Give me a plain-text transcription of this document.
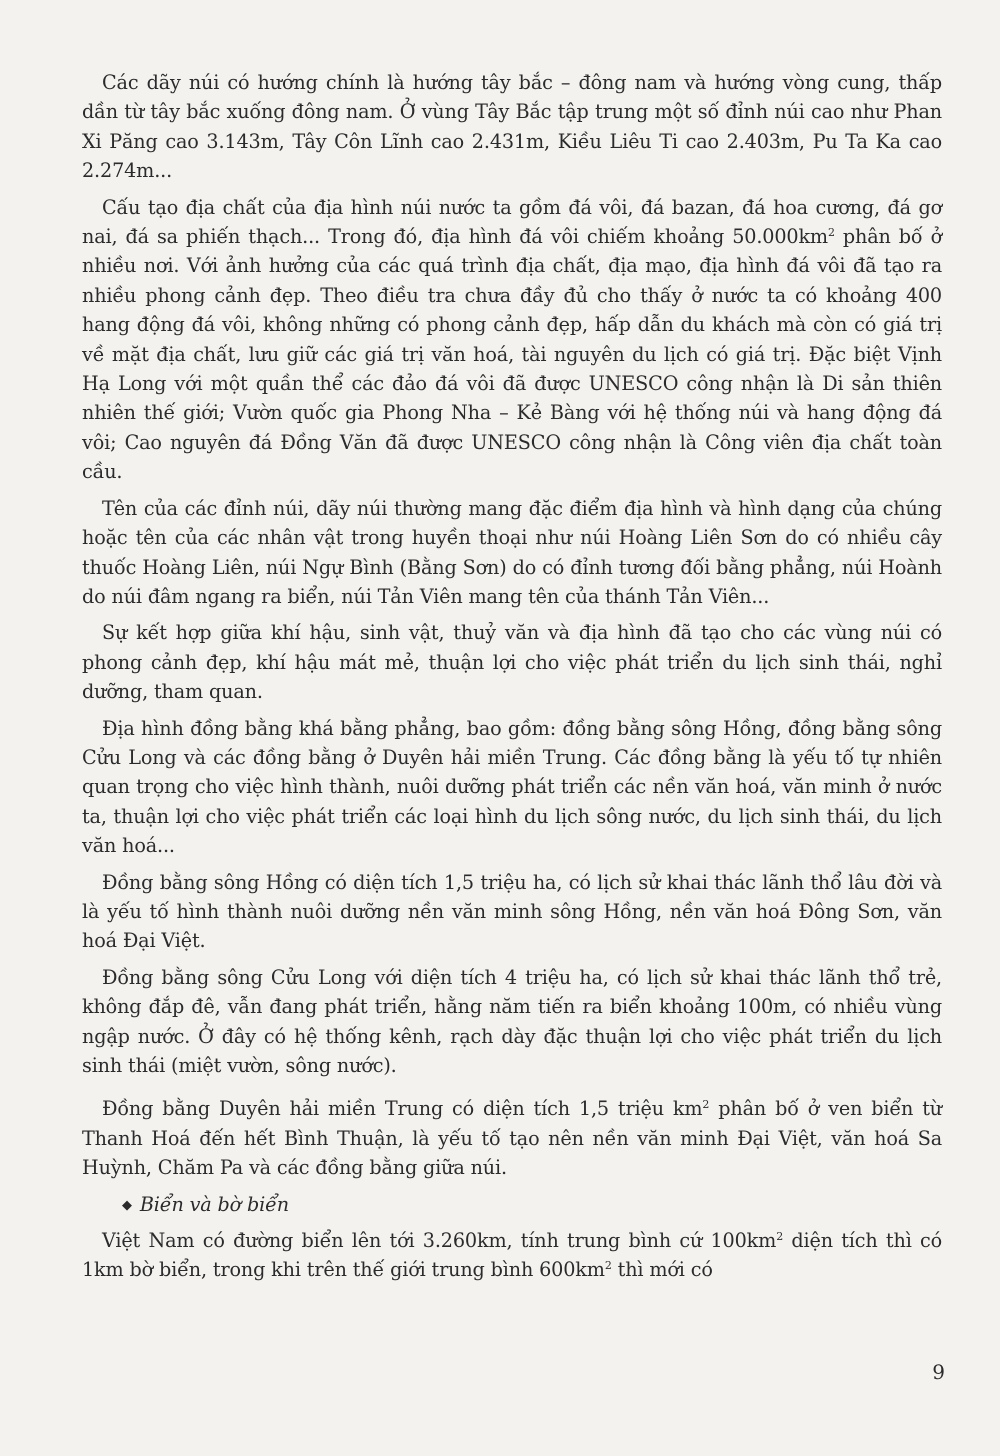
Các dãy núi có hướng chính là hướng tây bắc – đông nam và hướng vòng cung, thấp dần từ tây bắc xuống đông nam. Ở vùng Tây Bắc tập trung một số đỉnh núi cao như Phan Xi Păng cao 3.143m, Tây Côn Lĩnh cao 2.431m, Kiều Liêu Ti cao 2.403m, Pu Ta Ka cao 2.274m...

Cấu tạo địa chất của địa hình núi nước ta gồm đá vôi, đá bazan, đá hoa cương, đá gơ nai, đá sa phiến thạch... Trong đó, địa hình đá vôi chiếm khoảng $50.000km^2$ phân bố ở nhiều nơi. Với ảnh hưởng của các quá trình địa chất, địa mạo, địa hình đá vôi đã tạo ra nhiều phong cảnh đẹp. Theo điều tra chưa đầy đủ cho thấy ở nước ta có khoảng 400 hang động đá vôi, không những có phong cảnh đẹp, hấp dẫn du khách mà còn có giá trị về mặt địa chất, lưu giữ các giá trị văn hoá, tài nguyên du lịch có giá trị. Đặc biệt Vịnh Hạ Long với một quần thể các đảo đá vôi đã được UNESCO công nhận là Di sản thiên nhiên thế giới; Vườn quốc gia Phong Nha – Kẻ Bàng với hệ thống núi và hang động đá vôi; Cao nguyên đá Đồng Văn đã được UNESCO công nhận là Công viên địa chất toàn cầu.

Tên của các đỉnh núi, dãy núi thường mang đặc điểm địa hình và hình dạng của chúng hoặc tên của các nhân vật trong huyền thoại như núi Hoàng Liên Sơn do có nhiều cây thuốc Hoàng Liên, núi Ngự Bình (Bằng Sơn) do có đỉnh tương đối bằng phẳng, núi Hoành do núi đâm ngang ra biển, núi Tản Viên mang tên của thánh Tản Viên...

Sự kết hợp giữa khí hậu, sinh vật, thuỷ văn và địa hình đã tạo cho các vùng núi có phong cảnh đẹp, khí hậu mát mẻ, thuận lợi cho việc phát triển du lịch sinh thái, nghỉ dưỡng, tham quan.

Địa hình đồng bằng khá bằng phẳng, bao gồm: đồng bằng sông Hồng, đồng bằng sông Cửu Long và các đồng bằng ở Duyên hải miền Trung. Các đồng bằng là yếu tố tự nhiên quan trọng cho việc hình thành, nuôi dưỡng phát triển các nền văn hoá, văn minh ở nước ta, thuận lợi cho việc phát triển các loại hình du lịch sông nước, du lịch sinh thái, du lịch văn hoá...

Đồng bằng sông Hồng có diện tích 1,5 triệu ha, có lịch sử khai thác lãnh thổ lâu đời và là yếu tố hình thành nuôi dưỡng nền văn minh sông Hồng, nền văn hoá Đông Sơn, văn hoá Đại Việt.

Đồng bằng sông Cửu Long với diện tích 4 triệu ha, có lịch sử khai thác lãnh thổ trẻ, không đắp đê, vẫn đang phát triển, hằng năm tiến ra biển khoảng 100m, có nhiều vùng ngập nước. Ở đây có hệ thống kênh, rạch dày đặc thuận lợi cho việc phát triển du lịch sinh thái (miệt vườn, sông nước).

Đồng bằng Duyên hải miền Trung có diện tích 1,5 triệu $km^2$ phân bố ở ven biển từ Thanh Hoá đến hết Bình Thuận, là yếu tố tạo nên nền văn minh Đại Việt, văn hoá Sa Huỳnh, Chăm Pa và các đồng bằng giữa núi.

◆ Biển và bờ biển

Việt Nam có đường biển lên tới 3.260km, tính trung bình cứ $100km^2$ diện tích thì có 1km bờ biển, trong khi trên thế giới trung bình $600km^2$ thì mới có

9
